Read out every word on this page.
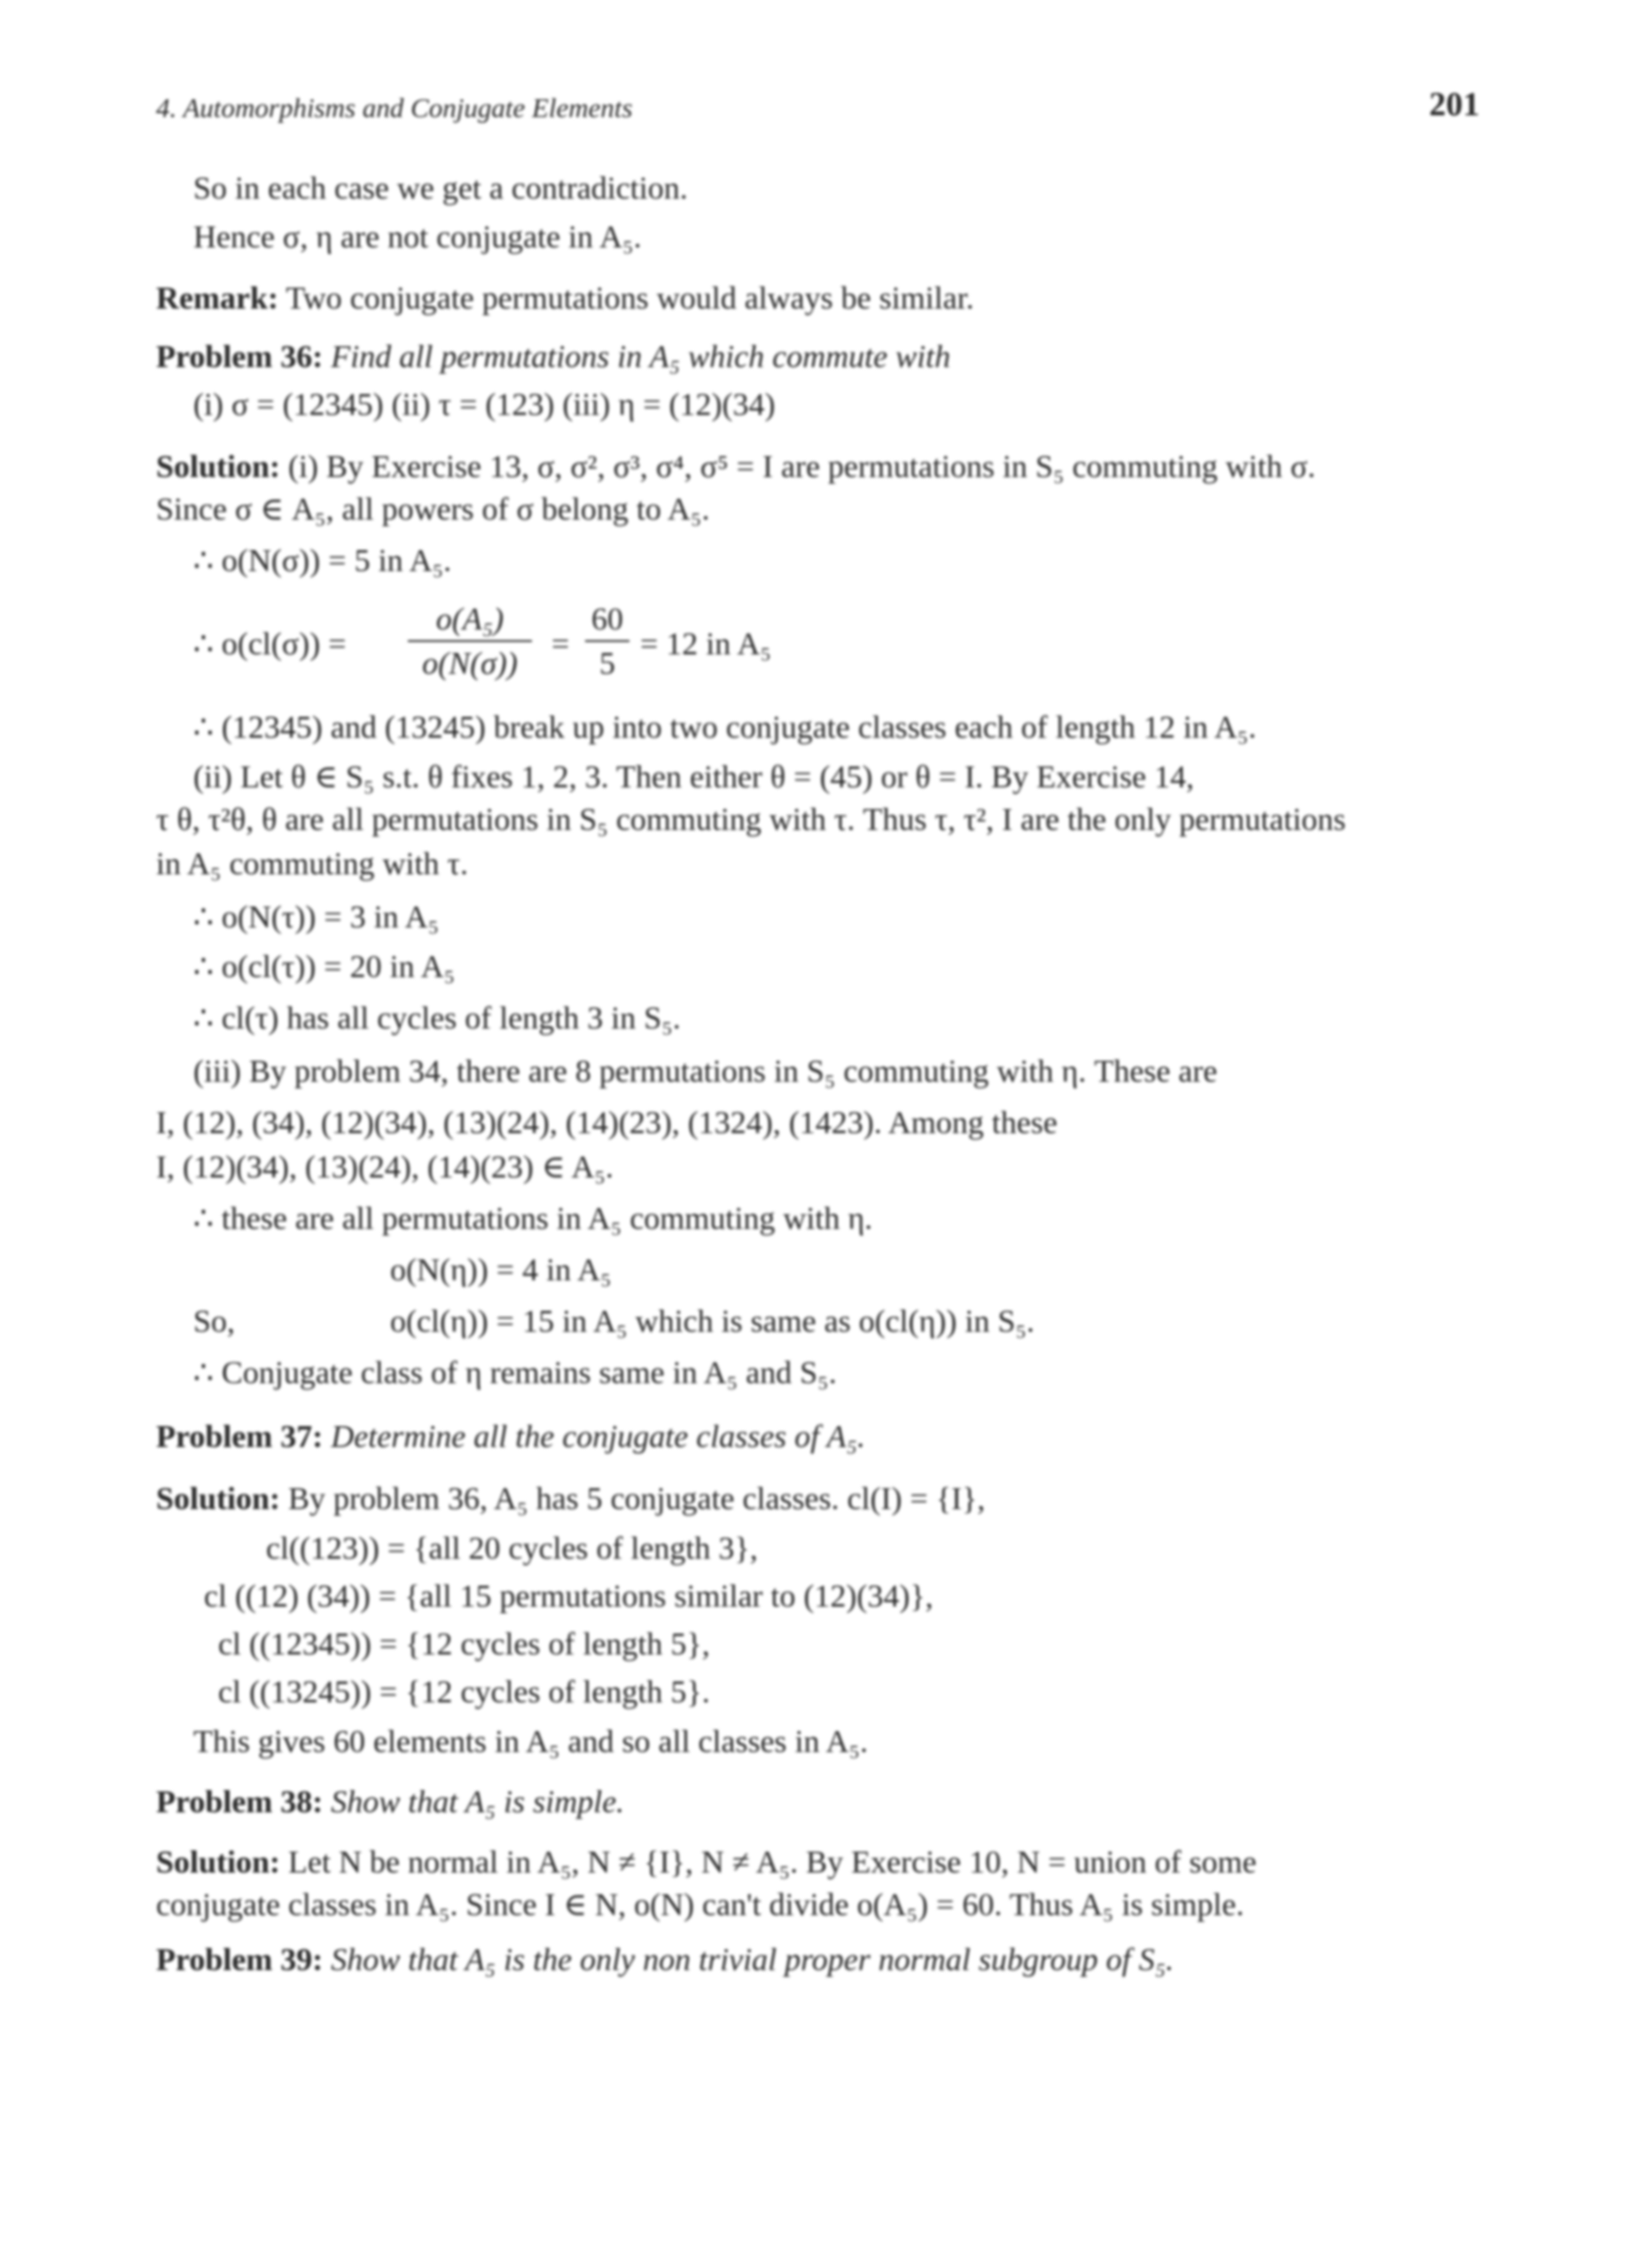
4. Automorphisms and Conjugate Elements	201
So in each case we get a contradiction.
Hence σ, η are not conjugate in A₅.
Remark: Two conjugate permutations would always be similar.
Problem 36: Find all permutations in A₅ which commute with
(i) σ = (12345) (ii) τ = (123) (iii) η = (12)(34)
Solution: (i) By Exercise 13, σ, σ², σ³, σ⁴, σ⁵ = I are permutations in S₅ commuting with σ.
Since σ ∈ A₅, all powers of σ belong to A₅.
∴ o(N(σ)) = 5 in A₅.
∴ o(cl(σ)) =
o(A₅)
o(N(σ))
=
60
5
= 12 in A₅
∴ (12345) and (13245) break up into two conjugate classes each of length 12 in A₅.
(ii) Let θ ∈ S₅ s.t. θ fixes 1, 2, 3. Then either θ = (45) or θ = I. By Exercise 14,
τ θ, τ²θ, θ are all permutations in S₅ commuting with τ. Thus τ, τ², I are the only permutations
in A₅ commuting with τ.
∴ o(N(τ)) = 3 in A₅
∴ o(cl(τ)) = 20 in A₅
∴ cl(τ) has all cycles of length 3 in S₅.
(iii) By problem 34, there are 8 permutations in S₅ commuting with η. These are
I, (12), (34), (12)(34), (13)(24), (14)(23), (1324), (1423). Among these
I, (12)(34), (13)(24), (14)(23) ∈ A₅.
∴ these are all permutations in A₅ commuting with η.
o(N(η)) = 4 in A₅
So,	o(cl(η)) = 15 in A₅ which is same as o(cl(η)) in S₅.
∴ Conjugate class of η remains same in A₅ and S₅.
Problem 37: Determine all the conjugate classes of A₅.
Solution: By problem 36, A₅ has 5 conjugate classes. cl(I) = {I},
cl((123)) = {all 20 cycles of length 3},
cl ((12) (34)) = {all 15 permutations similar to (12)(34)},
cl ((12345)) = {12 cycles of length 5},
cl ((13245)) = {12 cycles of length 5}.
This gives 60 elements in A₅ and so all classes in A₅.
Problem 38: Show that A₅ is simple.
Solution: Let N be normal in A₅, N ≠ {I}, N ≠ A₅. By Exercise 10, N = union of some
conjugate classes in A₅. Since I ∈ N, o(N) can't divide o(A₅) = 60. Thus A₅ is simple.
Problem 39: Show that A₅ is the only non trivial proper normal subgroup of S₅.
